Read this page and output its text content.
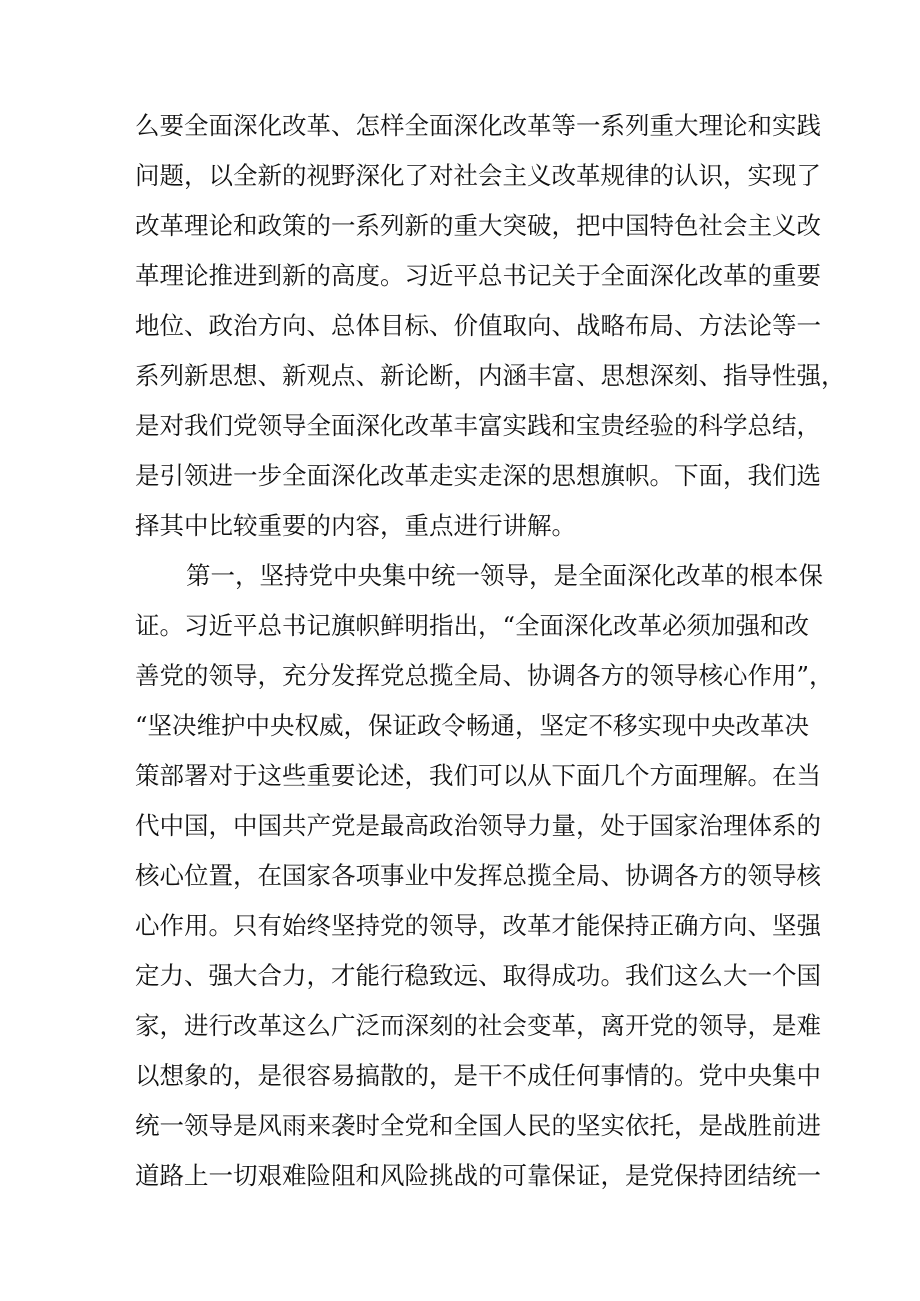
么要全面深化改革、怎样全面深化改革等一系列重大理论和实践
问题，以全新的视野深化了对社会主义改革规律的认识，实现了
改革理论和政策的一系列新的重大突破，把中国特色社会主义改
革理论推进到新的高度。习近平总书记关于全面深化改革的重要
地位、政治方向、总体目标、价值取向、战略布局、方法论等一
系列新思想、新观点、新论断，内涵丰富、思想深刻、指导性强，
是对我们党领导全面深化改革丰富实践和宝贵经验的科学总结，
是引领进一步全面深化改革走实走深的思想旗帜。下面，我们选
择其中比较重要的内容，重点进行讲解。
第一，坚持党中央集中统一领导，是全面深化改革的根本保
证。习近平总书记旗帜鲜明指出，“全面深化改革必须加强和改
善党的领导，充分发挥党总揽全局、协调各方的领导核心作用”，
“坚决维护中央权威，保证政令畅通，坚定不移实现中央改革决
策部署对于这些重要论述，我们可以从下面几个方面理解。在当
代中国，中国共产党是最高政治领导力量，处于国家治理体系的
核心位置，在国家各项事业中发挥总揽全局、协调各方的领导核
心作用。只有始终坚持党的领导，改革才能保持正确方向、坚强
定力、强大合力，才能行稳致远、取得成功。我们这么大一个国
家，进行改革这么广泛而深刻的社会变革，离开党的领导，是难
以想象的，是很容易搞散的，是干不成任何事情的。党中央集中
统一领导是风雨来袭时全党和全国人民的坚实依托，是战胜前进
道路上一切艰难险阻和风险挑战的可靠保证，是党保持团结统一
